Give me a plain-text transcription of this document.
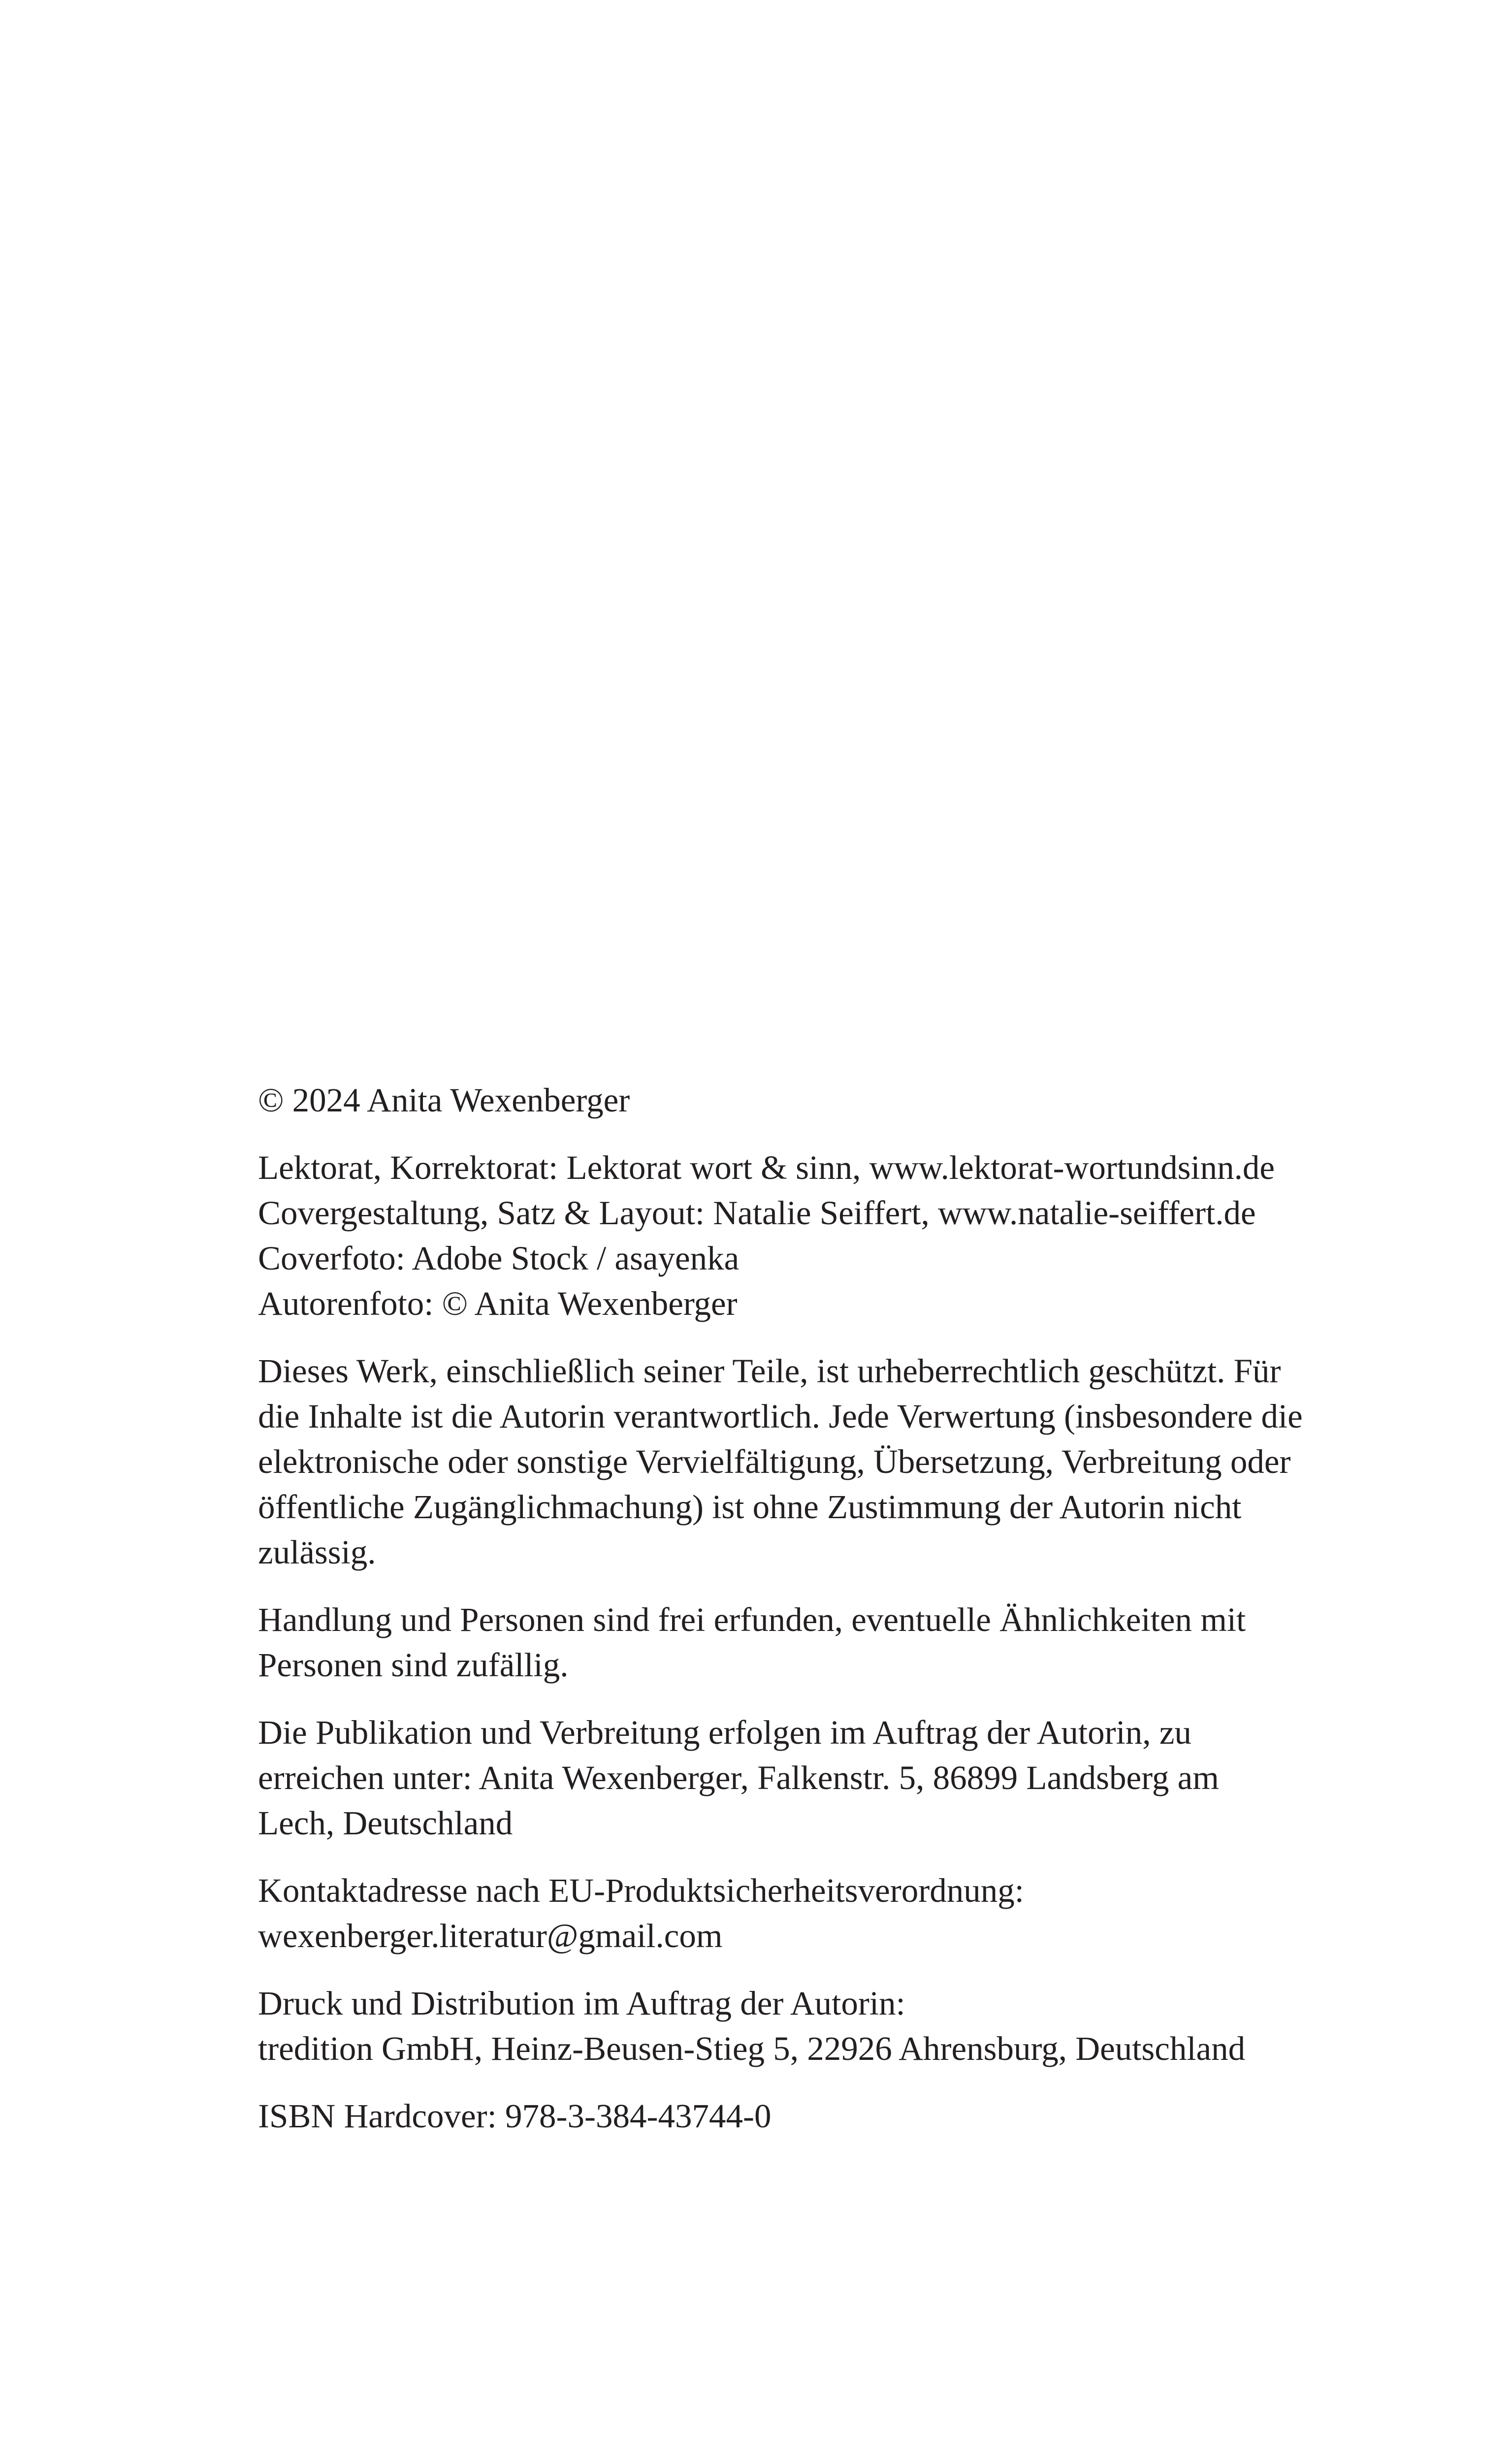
© 2024 Anita Wexenberger
Lektorat, Korrektorat: Lektorat wort & sinn, www.lektorat-wortundsinn.de
Covergestaltung, Satz & Layout: Natalie Seiffert, www.natalie-seiffert.de
Coverfoto: Adobe Stock / asayenka
Autorenfoto: © Anita Wexenberger
Dieses Werk, einschließlich seiner Teile, ist urheberrechtlich geschützt. Für
die Inhalte ist die Autorin verantwortlich. Jede Verwertung (insbesondere die
elektronische oder sonstige Vervielfältigung, Übersetzung, Verbreitung oder
öffentliche Zugänglichmachung) ist ohne Zustimmung der Autorin nicht
zulässig.
Handlung und Personen sind frei erfunden, eventuelle Ähnlichkeiten mit
Personen sind zufällig.
Die Publikation und Verbreitung erfolgen im Auftrag der Autorin, zu
erreichen unter: Anita Wexenberger, Falkenstr. 5, 86899 Landsberg am
Lech, Deutschland
Kontaktadresse nach EU-Produktsicherheitsverordnung:
wexenberger.literatur@gmail.com
Druck und Distribution im Auftrag der Autorin:
tredition GmbH, Heinz-Beusen-Stieg 5, 22926 Ahrensburg, Deutschland
ISBN Hardcover: 978-3-384-43744-0
